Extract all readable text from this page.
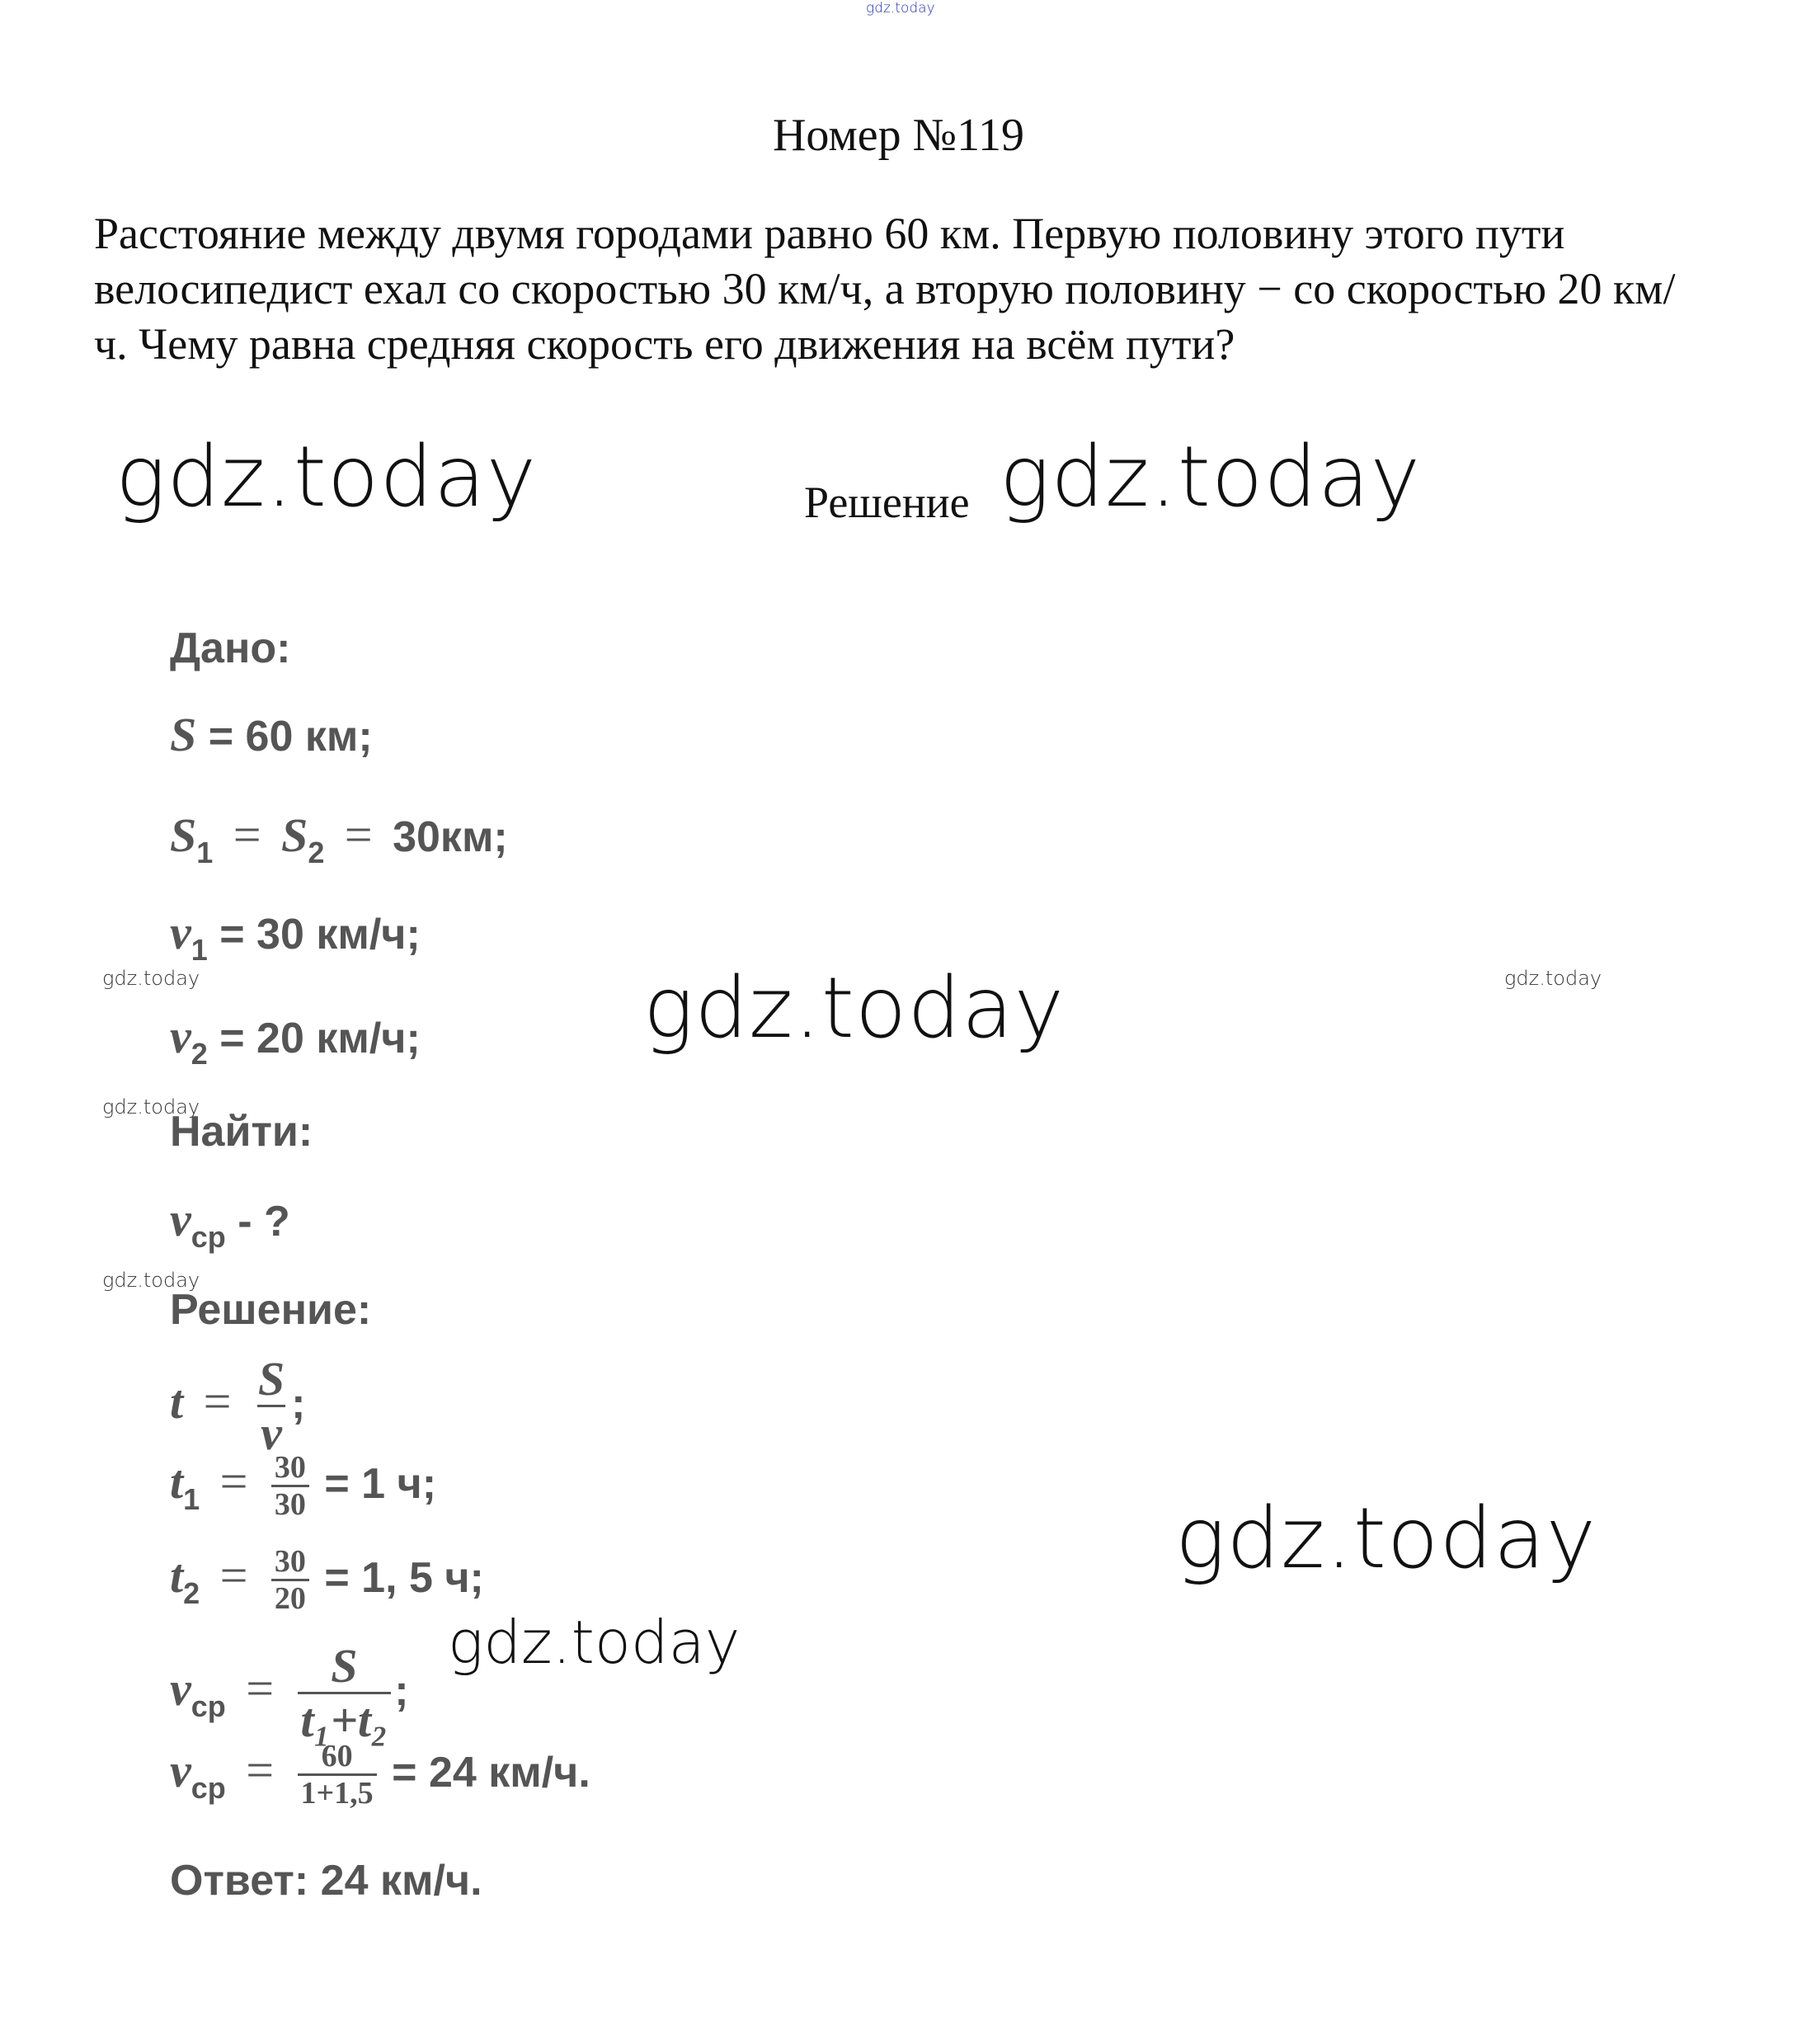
gdz.today
gdz.today	gdz.today
gdz.today
gdz.today
gdz.today
gdz.today	gdz.today
gdz.today
gdz.today
Номер №119
Расстояние между двумя городами равно 60 км. Первую половину этого пути велосипедист ехал со скоростью 30 км/ч, а вторую половину − со скоростью 20 км/ч. Чему равна средняя скорость его движения на всём пути?
Решение
Дано:
S = 60 км;
$S_1 = S_2 = 30км$;
$v_1 = 30$ км/ч;
$v_2 = 20$ км/ч;
Найти:
$v_{ср}$ - ?
Решение:
$t = \frac{S}{v}$ ;
$t_1 = \frac{30}{30} = 1$ ч;
$t_2 = \frac{30}{20} = 1$, 5 ч;
$v_{ср} = \frac{S}{\text{t₁+t₂}}$ ;
$v_{ср} = \frac{60}{1+1,5} = 24$ км/ч.
Ответ: 24 км/ч.
